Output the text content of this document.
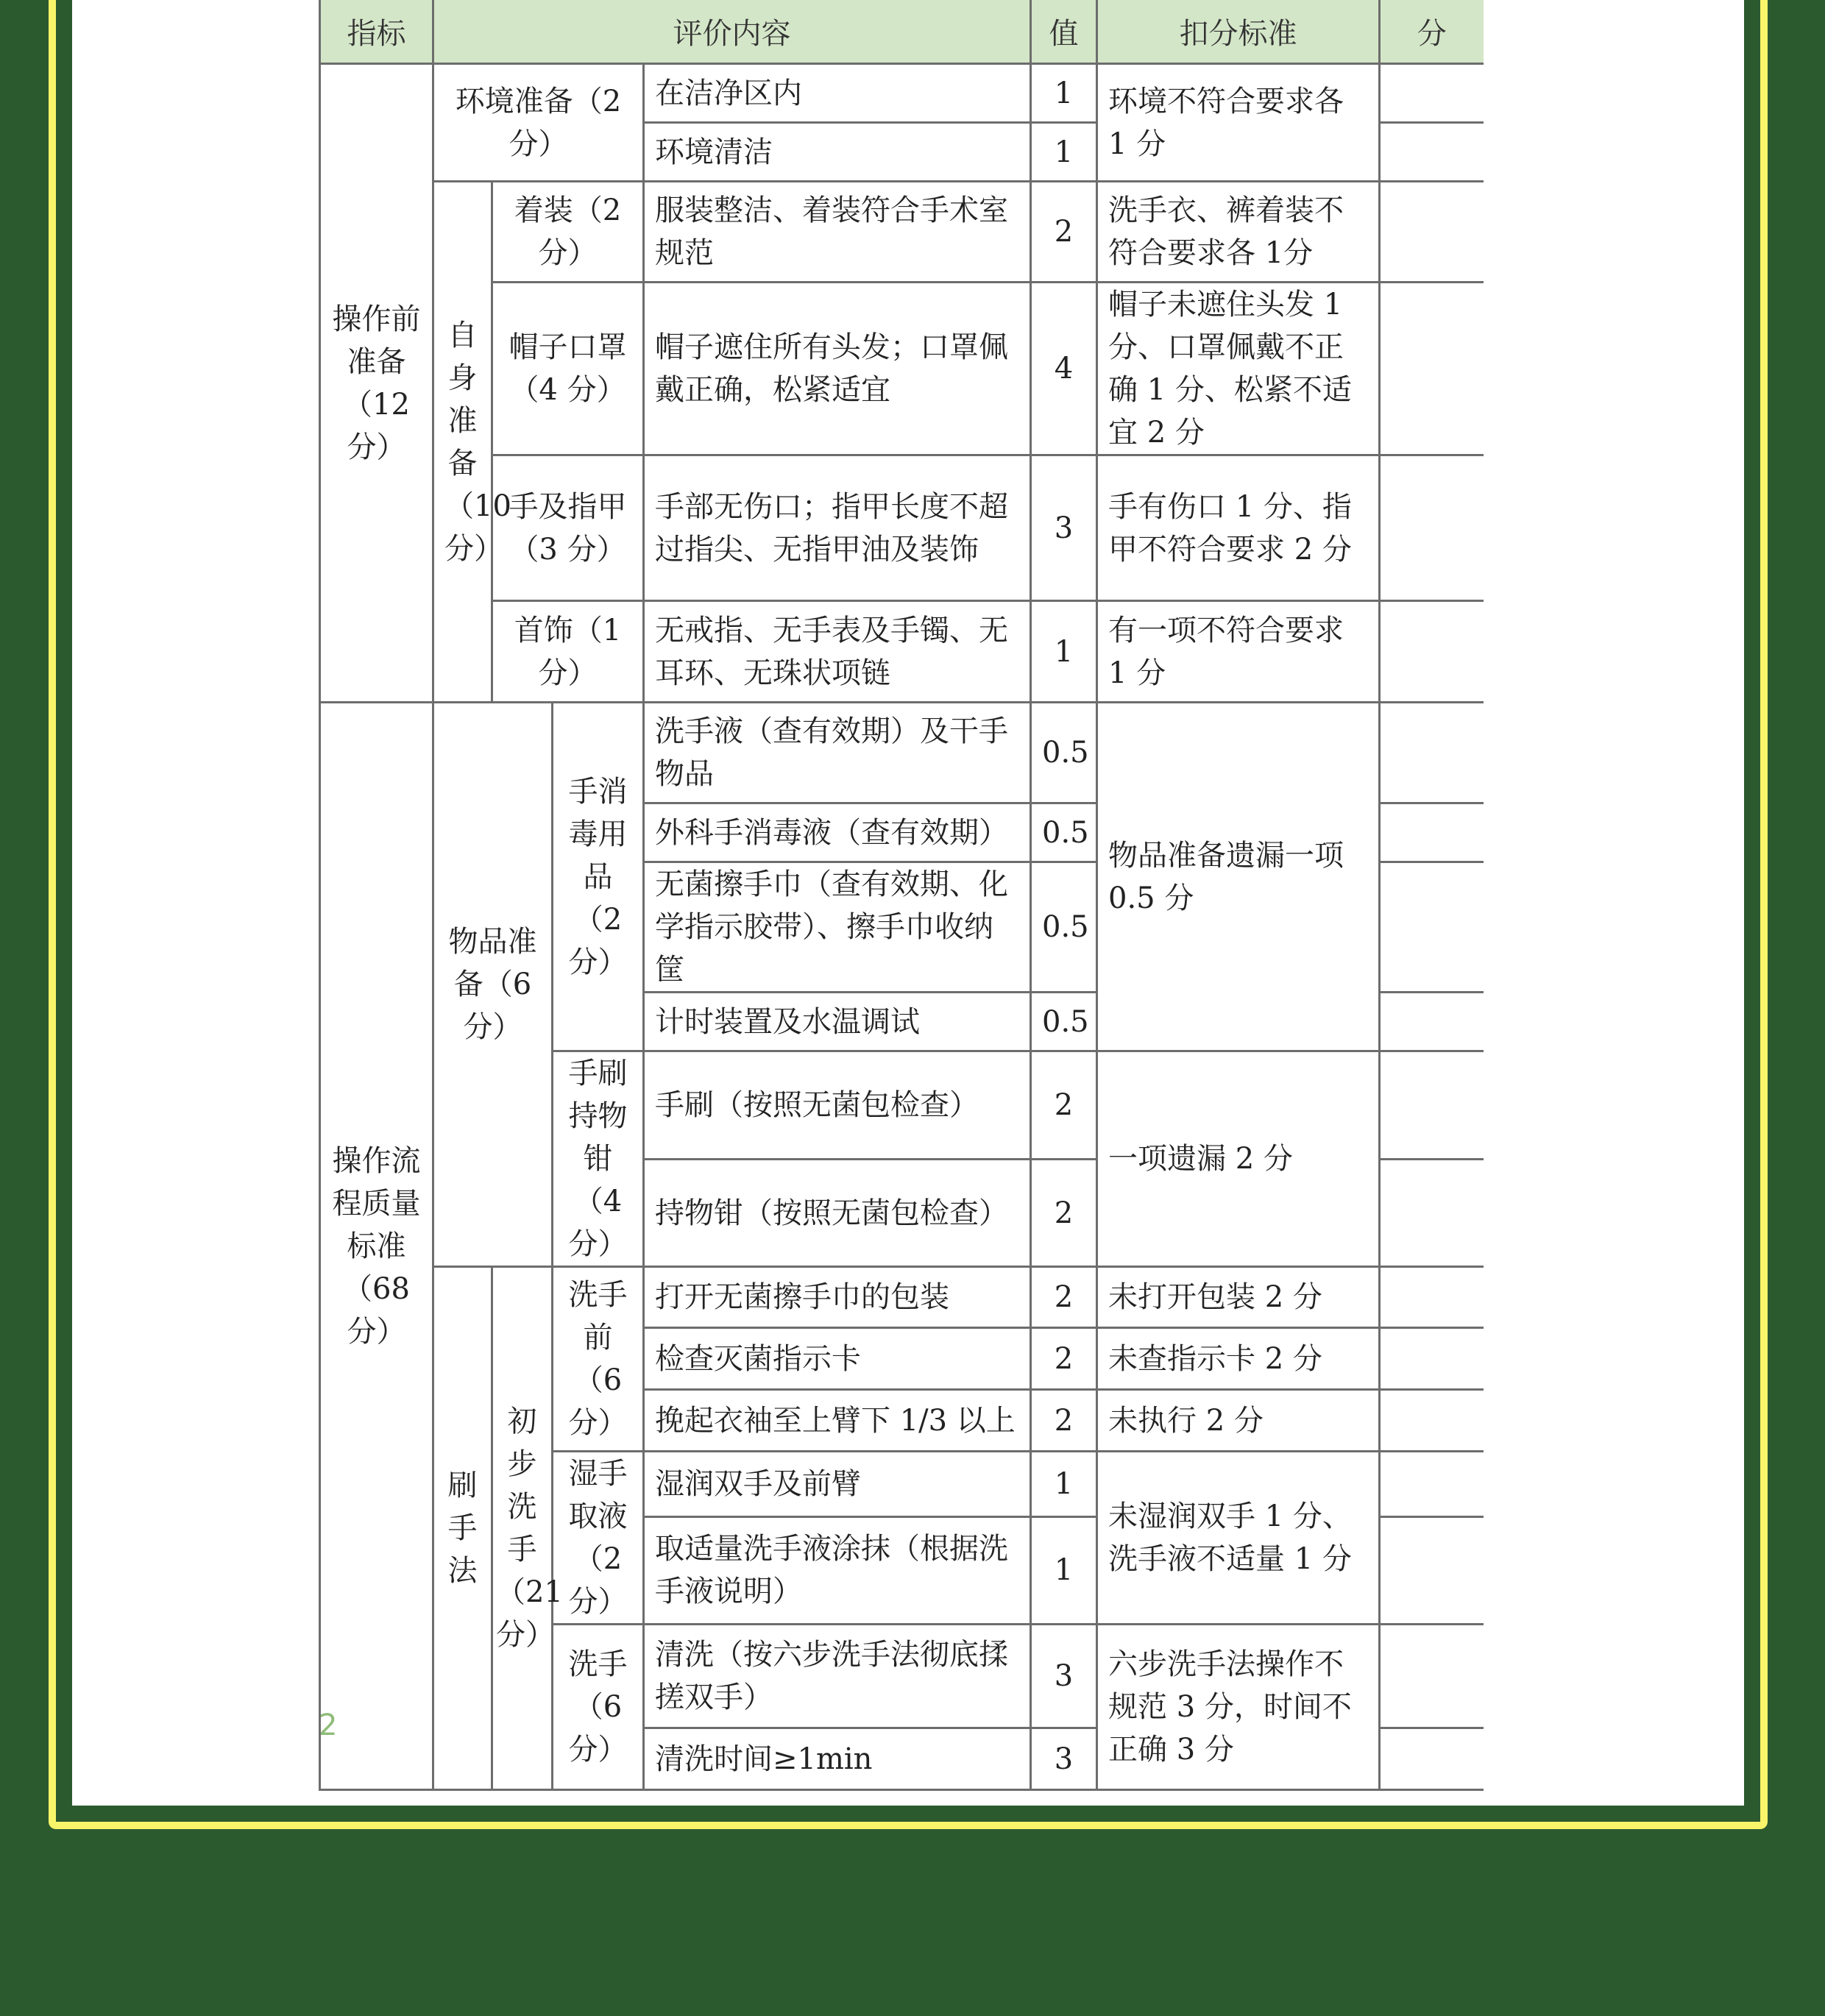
指标	评价内容				值	扣分标准	分
操作前准备（12 分）	环境准备（2 分）			在洁净区内	1	环境不符合要求各 1 分	
				环境清洁	1		
	自身准备（10 分）	着装（2 分）		服装整洁、着装符合手术室规范	2	洗手衣、裤着装不符合要求各 1分	
		帽子口罩（4 分）		帽子遮住所有头发；口罩佩戴正确，松紧适宜	4	帽子未遮住头发 1 分、口罩佩戴不正确 1 分、松紧不适宜 2 分	
		手及指甲（3 分）		手部无伤口；指甲长度不超过指尖、无指甲油及装饰	3	手有伤口 1 分、指甲不符合要求 2 分	
		首饰（1 分）		无戒指、无手表及手镯、无耳环、无珠状项链	1	有一项不符合要求 1 分	
操作流程质量标准（68 分）	物品准备（6 分）		手消毒用品（2 分）	洗手液（查有效期）及干手物品	0.5	物品准备遗漏一项 0.5 分	
				外科手消毒液（查有效期）	0.5		
				无菌擦手巾（查有效期、化学指示胶带）、擦手巾收纳筐	0.5		
				计时装置及水温调试	0.5		
			手刷持物钳（4 分）	手刷（按照无菌包检查）	2	一项遗漏 2 分	
				持物钳（按照无菌包检查）	2		
	刷手法	初步洗手（21 分）	洗手前（6 分）	打开无菌擦手巾的包装	2	未打开包装 2 分	
				检查灭菌指示卡	2	未查指示卡 2 分	
				挽起衣袖至上臂下 1/3 以上	2	未执行 2 分	
			湿手取液（2 分）	湿润双手及前臂	1	未湿润双手 1 分、洗手液不适量 1 分	
				取适量洗手液涂抹（根据洗手液说明）	1		
			洗手（6 分）	清洗（按六步洗手法彻底揉搓双手）	3	六步洗手法操作不规范 3 分，时间不正确 3 分	
				清洗时间≥1min	3		
2
